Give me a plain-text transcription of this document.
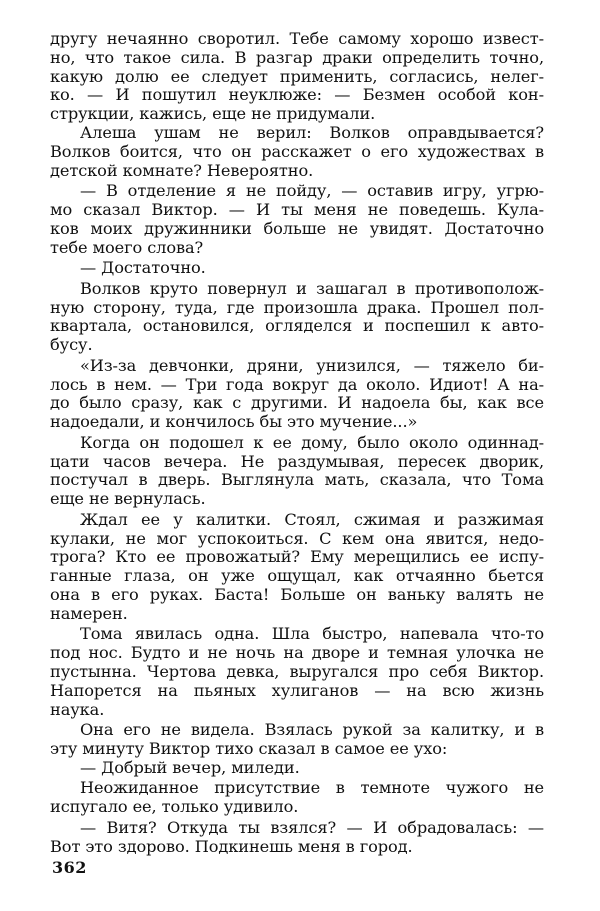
другу нечаянно своротил. Тебе самому хорошо извест-
но, что такое сила. В разгар драки определить точно,
какую долю ее следует применить, согласись, нелег-
ко. — И пошутил неуклюже: — Безмен особой кон-
струкции, кажись, еще не придумали.
Алеша ушам не верил: Волков оправдывается?
Волков боится, что он расскажет о его художествах в
детской комнате? Невероятно.
— В отделение я не пойду, — оставив игру, угрю-
мо сказал Виктор. — И ты меня не поведешь. Кула-
ков моих дружинники больше не увидят. Достаточно
тебе моего слова?
— Достаточно.
Волков круто повернул и зашагал в противополож-
ную сторону, туда, где произошла драка. Прошел пол-
квартала, остановился, огляделся и поспешил к авто-
бусу.
«Из-за девчонки, дряни, унизился, — тяжело би-
лось в нем. — Три года вокруг да около. Идиот! А на-
до было сразу, как с другими. И надоела бы, как все
надоедали, и кончилось бы это мучение...»
Когда он подошел к ее дому, было около одиннад-
цати часов вечера. Не раздумывая, пересек дворик,
постучал в дверь. Выглянула мать, сказала, что Тома
еще не вернулась.
Ждал ее у калитки. Стоял, сжимая и разжимая
кулаки, не мог успокоиться. С кем она явится, недо-
трога? Кто ее провожатый? Ему мерещились ее испу-
ганные глаза, он уже ощущал, как отчаянно бьется
она в его руках. Баста! Больше он ваньку валять не
намерен.
Тома явилась одна. Шла быстро, напевала что-то
под нос. Будто и не ночь на дворе и темная улочка не
пустынна. Чертова девка, выругался про себя Виктор.
Напорется на пьяных хулиганов — на всю жизнь
наука.
Она его не видела. Взялась рукой за калитку, и в
эту минуту Виктор тихо сказал в самое ее ухо:
— Добрый вечер, миледи.
Неожиданное присутствие в темноте чужого не
испугало ее, только удивило.
— Витя? Откуда ты взялся? — И обрадовалась: —
Вот это здорово. Подкинешь меня в город.
362
